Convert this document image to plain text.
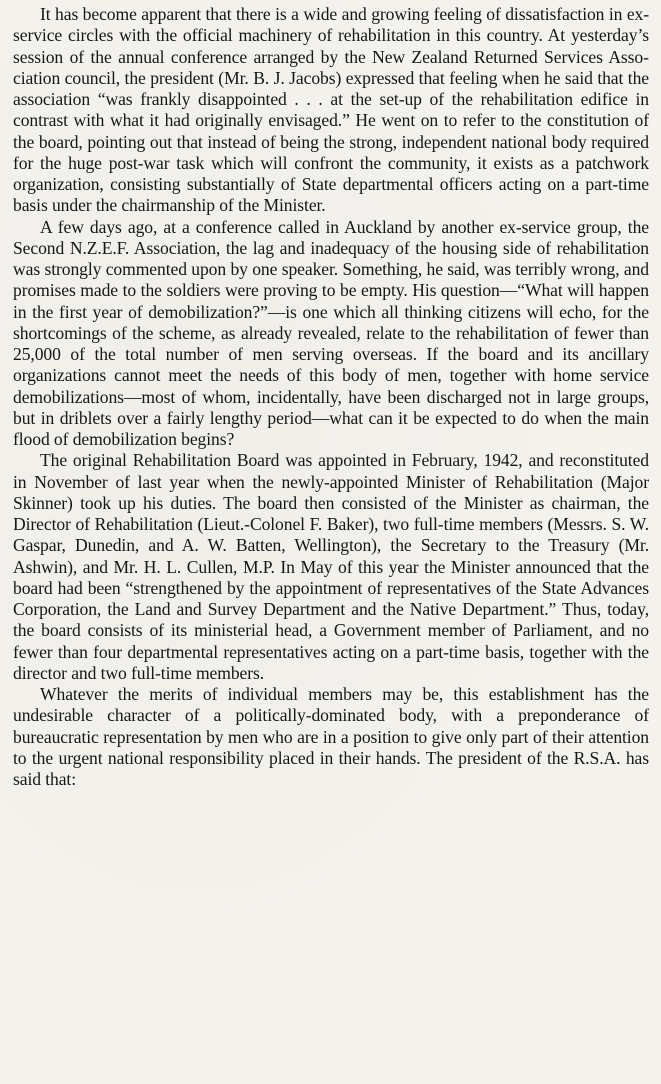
It has become apparent that there is a wide and growing feeling of dissatisfaction in ex-service circles with the official machinery of rehabilitation in this country. At yesterday’s session of the annual conference arranged by the New Zealand Returned Services Association council, the president (Mr. B. J. Jacobs) expressed that feeling when he said that the association “was frankly disappointed . . . at the set-up of the rehabilitation edifice in contrast with what it had originally envisaged.” He went on to refer to the constitution of the board, pointing out that instead of being the strong, independent national body required for the huge post-war task which will confront the community, it exists as a patchwork organization, consisting substantially of State departmental officers acting on a part-time basis under the chairmanship of the Minister.

A few days ago, at a conference called in Auckland by another ex-service group, the Second N.Z.E.F. Association, the lag and inadequacy of the housing side of rehabilitation was strongly commented upon by one speaker. Something, he said, was terribly wrong, and promises made to the soldiers were proving to be empty. His question—“What will happen in the first year of demobilization?”—is one which all thinking citizens will echo, for the shortcomings of the scheme, as already revealed, relate to the rehabilitation of fewer than 25,000 of the total number of men serving overseas. If the board and its ancillary organizations cannot meet the needs of this body of men, together with home service demobilizations—most of whom, incidentally, have been discharged not in large groups, but in driblets over a fairly lengthy period—what can it be expected to do when the main flood of demobilization begins?

The original Rehabilitation Board was appointed in February, 1942, and reconstituted in November of last year when the newly-appointed Minister of Rehabilitation (Major Skinner) took up his duties. The board then consisted of the Minister as chairman, the Director of Rehabilitation (Lieut.-Colonel F. Baker), two full-time members (Messrs. S. W. Gaspar, Dunedin, and A. W. Batten, Wellington), the Secretary to the Treasury (Mr. Ashwin), and Mr. H. L. Cullen, M.P. In May of this year the Minister announced that the board had been “strengthened by the appointment of representatives of the State Advances Corporation, the Land and Survey Department and the Native Department.” Thus, today, the board consists of its ministerial head, a Government member of Parliament, and no fewer than four departmental representatives acting on a part-time basis, together with the director and two full-time members.

Whatever the merits of individual members may be, this establishment has the undesirable character of a politically-dominated body, with a preponderance of bureaucratic representation by men who are in a position to give only part of their attention to the urgent national responsibility placed in their hands. The president of the R.S.A. has said that:
